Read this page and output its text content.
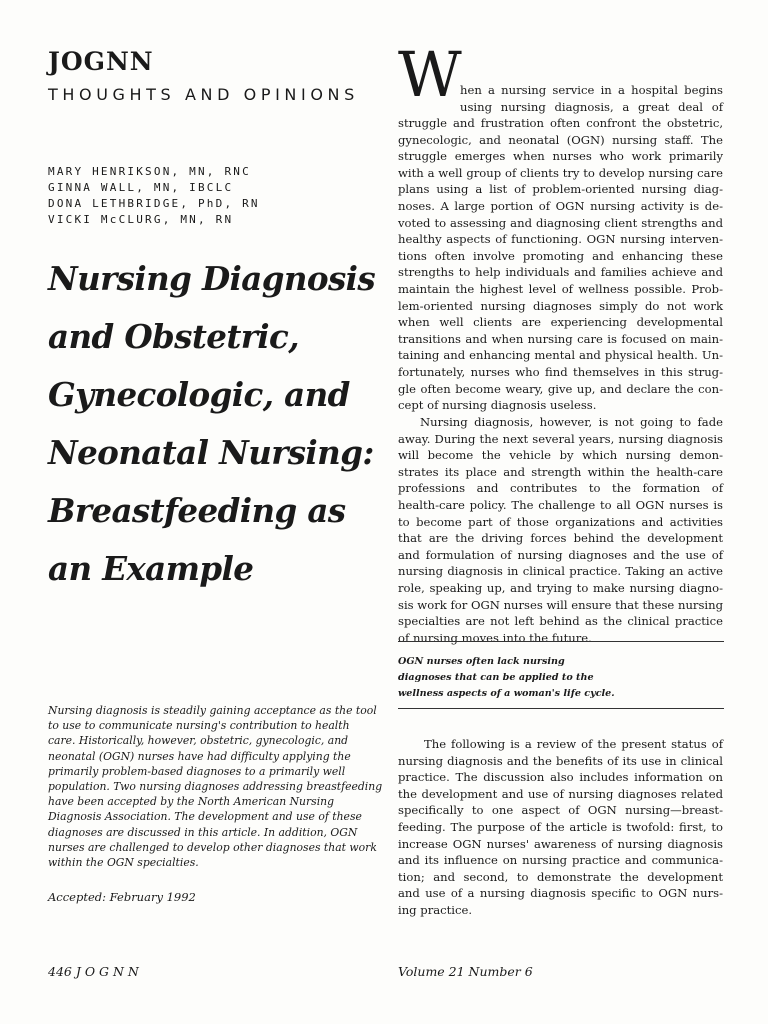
JOGNN
THOUGHTS AND OPINIONS
MARY HENRIKSON, MN, RNC
GINNA WALL, MN, IBCLC
DONA LETHBRIDGE, PhD, RN
VICKI McCLURG, MN, RN
Nursing Diagnosis
and Obstetric,
Gynecologic, and
Neonatal Nursing:
Breastfeeding as
an Example
Nursing diagnosis is steadily gaining acceptance as the tool
to use to communicate nursing's contribution to health
care. Historically, however, obstetric, gynecologic, and
neonatal (OGN) nurses have had difficulty applying the
primarily problem-based diagnoses to a primarily well
population. Two nursing diagnoses addressing breastfeeding
have been accepted by the North American Nursing
Diagnosis Association. The development and use of these
diagnoses are discussed in this article. In addition, OGN
nurses are challenged to develop other diagnoses that work
within the OGN specialties.
Accepted: February 1992
446 J O G N N	Volume 21 Number 6
W
hen a nursing service in a hospital begins
using nursing diagnosis, a great deal of
struggle and frustration often confront the obstetric,
gynecologic, and neonatal (OGN) nursing staff. The
struggle emerges when nurses who work primarily
with a well group of clients try to develop nursing care
plans using a list of problem-oriented nursing diag-
noses. A large portion of OGN nursing activity is de-
voted to assessing and diagnosing client strengths and
healthy aspects of functioning. OGN nursing interven-
tions often involve promoting and enhancing these
strengths to help individuals and families achieve and
maintain the highest level of wellness possible. Prob-
lem-oriented nursing diagnoses simply do not work
when well clients are experiencing developmental
transitions and when nursing care is focused on main-
taining and enhancing mental and physical health. Un-
fortunately, nurses who find themselves in this strug-
gle often become weary, give up, and declare the con-
cept of nursing diagnosis useless.
Nursing diagnosis, however, is not going to fade
away. During the next several years, nursing diagnosis
will become the vehicle by which nursing demon-
strates its place and strength within the health-care
professions and contributes to the formation of
health-care policy. The challenge to all OGN nurses is
to become part of those organizations and activities
that are the driving forces behind the development
and formulation of nursing diagnoses and the use of
nursing diagnosis in clinical practice. Taking an active
role, speaking up, and trying to make nursing diagno-
sis work for OGN nurses will ensure that these nursing
specialties are not left behind as the clinical practice
of nursing moves into the future.
OGN nurses often lack nursing
diagnoses that can be applied to the
wellness aspects of a woman's life cycle.
The following is a review of the present status of
nursing diagnosis and the benefits of its use in clinical
practice. The discussion also includes information on
the development and use of nursing diagnoses related
specifically to one aspect of OGN nursing—breast-
feeding. The purpose of the article is twofold: first, to
increase OGN nurses' awareness of nursing diagnosis
and its influence on nursing practice and communica-
tion; and second, to demonstrate the development
and use of a nursing diagnosis specific to OGN nurs-
ing practice.
